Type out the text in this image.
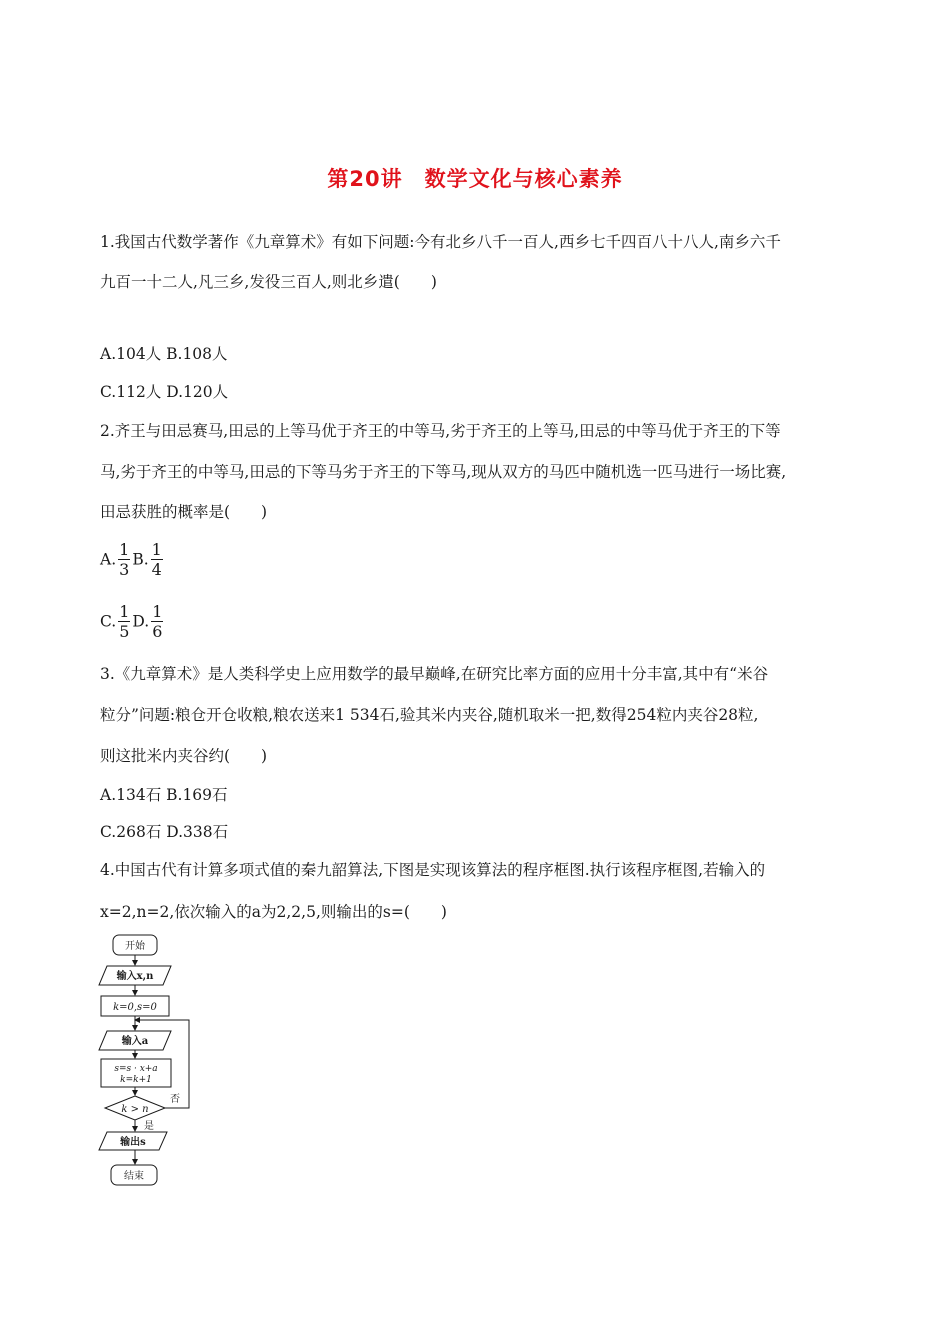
第20讲　数学文化与核心素养
1.我国古代数学著作《九章算术》有如下问题:今有北乡八千一百人,西乡七千四百八十八人,南乡六千
九百一十二人,凡三乡,发役三百人,则北乡遣(　　)
A.104人 B.108人
C.112人 D.120人
2.齐王与田忌赛马,田忌的上等马优于齐王的中等马,劣于齐王的上等马,田忌的中等马优于齐王的下等
马,劣于齐王的中等马,田忌的下等马劣于齐王的下等马,现从双方的马匹中随机选一匹马进行一场比赛,
田忌获胜的概率是(　　)
A. $\frac{1}{3} B$. $\frac{1}{4}$
C. $\frac{1}{5} D$. $\frac{1}{6}$
3.《九章算术》是人类科学史上应用数学的最早巅峰,在研究比率方面的应用十分丰富,其中有“米谷
粒分”问题:粮仓开仓收粮,粮农送来1 534石,验其米内夹谷,随机取米一把,数得254粒内夹谷28粒,
则这批米内夹谷约(　　)
A.134石 B.169石
C.268石 D.338石
4.中国古代有计算多项式值的秦九韶算法,下图是实现该算法的程序框图.执行该程序框图,若输入的
x=2,n=2,依次输入的a为2,2,5,则输出的s=(　　)
开始
输入x,n
k=0,s=0
输入a
s=s · x+a
k=k+1
k > n
否
是
输出s
结束
